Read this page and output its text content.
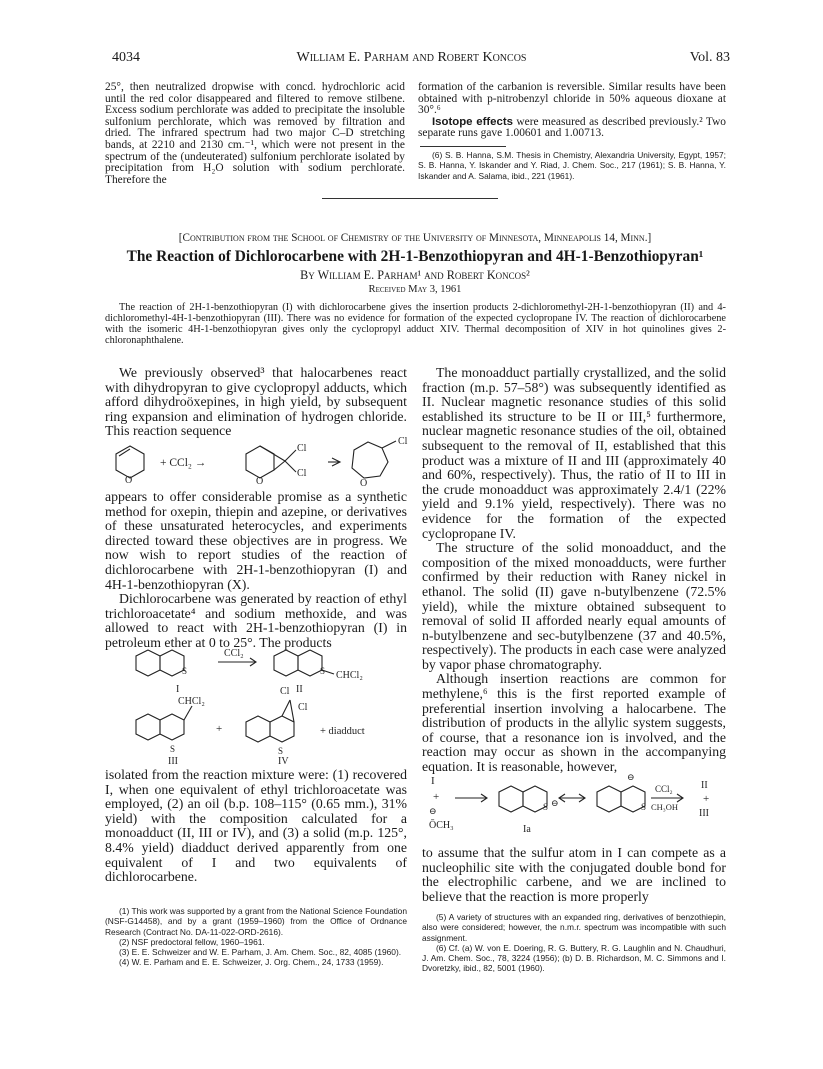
4034	William E. Parham and Robert Koncos	Vol. 83

25°, then neutralized dropwise with concd. hydrochloric acid until the red color disappeared and filtered to remove stilbene. Excess sodium perchlorate was added to precipitate the insoluble sulfonium perchlorate, which was removed by filtration and dried. The infrared spectrum had two major C–D stretching bands, at 2210 and 2130 cm.⁻¹, which were not present in the spectrum of the (undeuterated) sulfonium perchlorate isolated by precipitation from H₂O solution with sodium perchlorate. Therefore the

formation of the carbanion is reversible. Similar results have been obtained with p-nitrobenzyl chloride in 50% aqueous dioxane at 30°.⁶

Isotope effects were measured as described previously.² Two separate runs gave 1.00601 and 1.00713.

(6) S. B. Hanna, S.M. Thesis in Chemistry, Alexandria University, Egypt, 1957; S. B. Hanna, Y. Iskander and Y. Riad, J. Chem. Soc., 217 (1961); S. B. Hanna, Y. Iskander and A. Salama, ibid., 221 (1961).

[Contribution from the School of Chemistry of the University of Minnesota, Minneapolis 14, Minn.]
The Reaction of Dichlorocarbene with 2H-1-Benzothiopyran and 4H-1-Benzothiopyran¹
By William E. Parham¹ and Robert Koncos²
Received May 3, 1961

The reaction of 2H-1-benzothiopyran (I) with dichlorocarbene gives the insertion products 2-dichloromethyl-2H-1-benzothiopyran (II) and 4-dichloromethyl-4H-1-benzothiopyran (III). There was no evidence for formation of the expected cyclopropane IV. The reaction of dichlorocarbene with the isomeric 4H-1-benzothiopyran gives only the cyclopropyl adduct XIV. Thermal decomposition of XIV in hot quinolines gives 2-chloronaphthalene.

We previously observed³ that halocarbenes react with dihydropyran to give cyclopropyl adducts, which afford dihydroöxepines, in high yield, by subsequent ring expansion and elimination of hydrogen chloride. This reaction sequence

O
+ CCl₂ →
O
Cl
Cl
O
Cl

appears to offer considerable promise as a synthetic method for oxepin, thiepin and azepine, or derivatives of these unsaturated heterocycles, and experiments directed toward these objectives are in progress. We now wish to report studies of the reaction of dichlorocarbene with 2H-1-benzothiopyran (I) and 4H-1-benzothiopyran (X).

Dichlorocarbene was generated by reaction of ethyl trichloroacetate⁴ and sodium methoxide, and was allowed to react with 2H-1-benzothiopyran (I) in petroleum ether at 0 to 25°. The products

S
CCl₂
S CHCl₂
I	II
CHCl₂
+
S
Cl
Cl
S
+ diadduct
III	IV

isolated from the reaction mixture were: (1) recovered I, when one equivalent of ethyl trichloroacetate was employed, (2) an oil (b.p. 108–115° (0.65 mm.), 31% yield) with the composition calculated for a monoadduct (II, III or IV), and (3) a solid (m.p. 125°, 8.4% yield) diadduct derived apparently from one equivalent of I and two equivalents of dichlorocarbene.

(1) This work was supported by a grant from the National Science Foundation (NSF-G14458), and by a grant (1959–1960) from the Office of Ordnance Research (Contract No. DA-11-022-ORD-2616).

(2) NSF predoctoral fellow, 1960–1961.

(3) E. E. Schweizer and W. E. Parham, J. Am. Chem. Soc., 82, 4085 (1960).

(4) W. E. Parham and E. E. Schweizer, J. Org. Chem., 24, 1733 (1959).

The monoadduct partially crystallized, and the solid fraction (m.p. 57–58°) was subsequently identified as II. Nuclear magnetic resonance studies of this solid established its structure to be II or III,⁵ furthermore, nuclear magnetic resonance studies of the oil, obtained subsequent to the removal of II, established that this product was a mixture of II and III (approximately 40 and 60%, respectively). Thus, the ratio of II to III in the crude monoadduct was approximately 2.4/1 (22% yield and 9.1% yield, respectively). There was no evidence for the formation of the expected cyclopropane IV.

The structure of the solid monoadduct, and the composition of the mixed monoadducts, were further confirmed by their reduction with Raney nickel in ethanol. The solid (II) gave n-butylbenzene (72.5% yield), while the mixture obtained subsequent to removal of solid II afforded nearly equal amounts of n-butylbenzene and sec-butylbenzene (37 and 40.5%, respectively). The products in each case were analyzed by vapor phase chromatography.

Although insertion reactions are common for methylene,⁶ this is the first reported example of preferential insertion involving a halocarbene. The distribution of products in the allylic system suggests, of course, that a resonance ion is involved, and the reaction may occur as shown in the accompanying equation. It is reasonable, however,

I
+
⊖
ŌCH₃
S ⊖
Ia
⊖
S
CCl₂
CH₃OH
II
+
III

to assume that the sulfur atom in I can compete as a nucleophilic site with the conjugated double bond for the electrophilic carbene, and we are inclined to believe that the reaction is more properly

(5) A variety of structures with an expanded ring, derivatives of benzothiepin, also were considered; however, the n.m.r. spectrum was incompatible with such assignment.

(6) Cf. (a) W. von E. Doering, R. G. Buttery, R. G. Laughlin and N. Chaudhuri, J. Am. Chem. Soc., 78, 3224 (1956); (b) D. B. Richardson, M. C. Simmons and I. Dvoretzky, ibid., 82, 5001 (1960).
